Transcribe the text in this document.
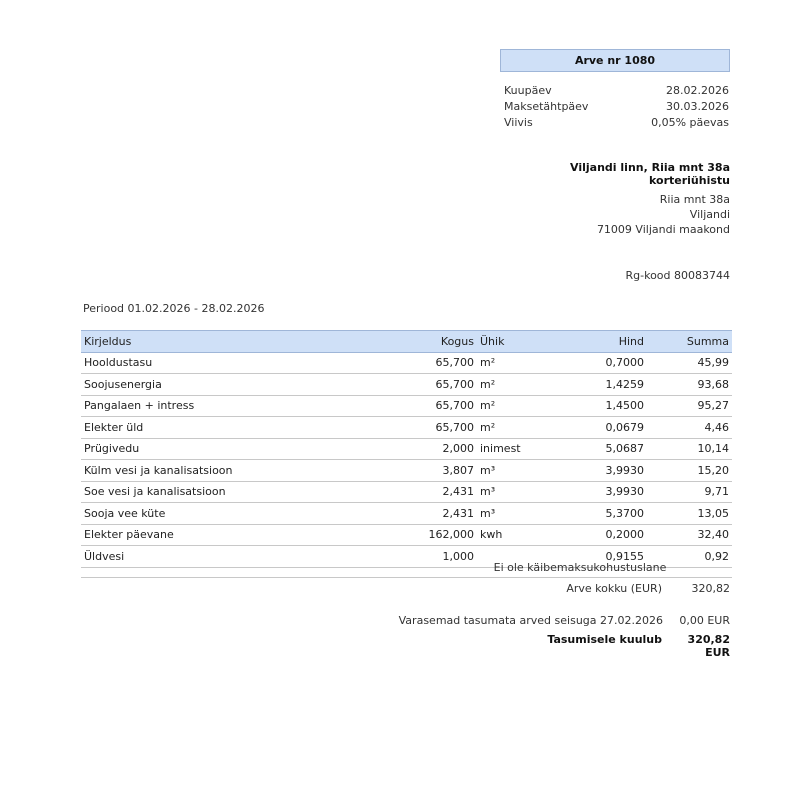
Arve nr 1080
Kuupäev	28.02.2026
Maksetähtpäev	30.03.2026
Viivis	0,05% päevas
Viljandi linn, Riia mnt 38a korteriühistu
Riia mnt 38a
Viljandi
71009 Viljandi maakond
Rg-kood 80083744
Periood 01.02.2026 - 28.02.2026
Kirjeldus	Kogus	Ühik	Hind	Summa
Hooldustasu	65,700	m²	0,7000	45,99
Soojusenergia	65,700	m²	1,4259	93,68
Pangalaen + intress	65,700	m²	1,4500	95,27
Elekter üld	65,700	m²	0,0679	4,46
Prügivedu	2,000	inimest	5,0687	10,14
Külm vesi ja kanalisatsioon	3,807	m³	3,9930	15,20
Soe vesi ja kanalisatsioon	2,431	m³	3,9930	9,71
Sooja vee küte	2,431	m³	5,3700	13,05
Elekter päevane	162,000	kwh	0,2000	32,40
Üldvesi	1,000		0,9155	0,92
Ei ole käibemaksukohustuslane
Arve kokku (EUR)	320,82
Varasemad tasumata arved seisuga 27.02.2026	0,00 EUR
Tasumisele kuulub	320,82 EUR
